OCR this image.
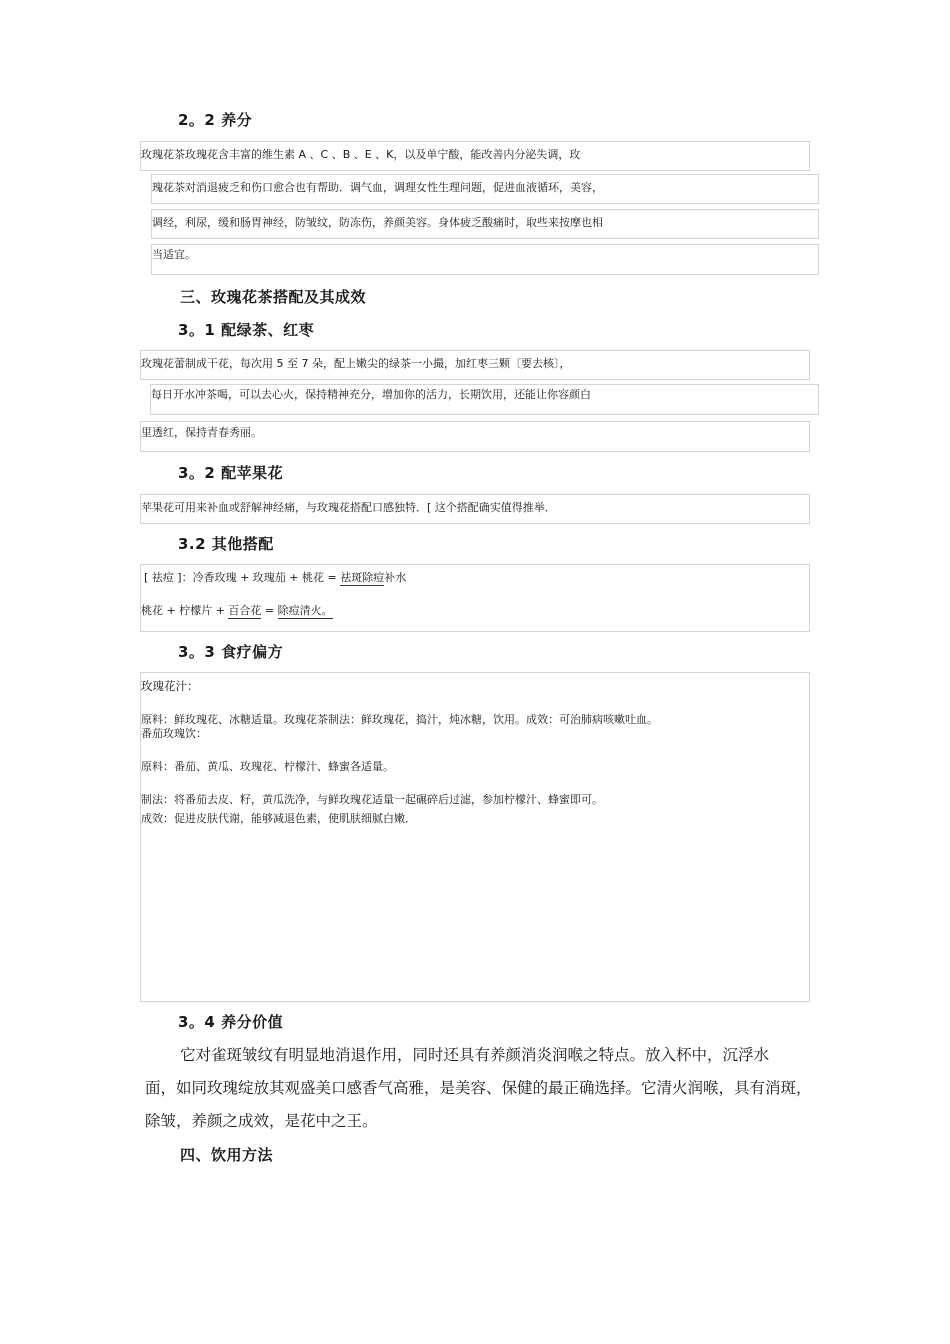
2。2 养分
玫瑰花茶玫瑰花含丰富的维生素 A 、C 、B 、E 、K，以及单宁酸，能改善内分泌失调，玫
瑰花茶对消退疲乏和伤口愈合也有帮助．调气血，调理女性生理问题，促进血液循环，美容，
调经，利尿，缓和肠胃神经，防皱纹，防冻伤，养颜美容。身体疲乏酸痛时，取些来按摩也相
当适宜。
三、玫瑰花茶搭配及其成效
3。1 配绿茶、红枣
玫瑰花蕾制成干花，每次用 5 至 7 朵，配上嫩尖的绿茶一小撮，加红枣三颗〔要去核〕，
每日开水冲茶喝，可以去心火，保持精神充分，增加你的活力，长期饮用，还能让你容颜白
里透红，保持青春秀丽。
3。2 配苹果花
苹果花可用来补血或舒解神经痛，与玫瑰花搭配口感独特．[ 这个搭配确实值得推举．
3.2 其他搭配
[ 祛痘 ]：冷香玫瑰 + 玫瑰茄 + 桃花 = 祛斑除痘补水
桃花 + 柠檬片 + 百合花 = 除痘清火。
3。3 食疗偏方
玫瑰花汁：
原料：鲜玫瑰花、冰糖适量。玫瑰花茶制法：鲜玫瑰花，捣汁，炖冰糖，饮用。成效：可治肺病咳嗽吐血。
番茄玫瑰饮：
原料：番茄、黄瓜、玫瑰花、柠檬汁、蜂蜜各适量。
制法：将番茄去皮、籽，黄瓜洗净，与鲜玫瑰花适量一起碾碎后过滤，参加柠檬汁、蜂蜜即可。
成效：促进皮肤代谢，能够减退色素，使肌肤细腻白嫩．
3。4 养分价值
它对雀斑皱纹有明显地消退作用，同时还具有养颜消炎润喉之特点。放入杯中，沉浮水
面，如同玫瑰绽放其观盛美口感香气高雅，是美容、保健的最正确选择。它清火润喉，具有消斑，
除皱，养颜之成效，是花中之王。
四、饮用方法
